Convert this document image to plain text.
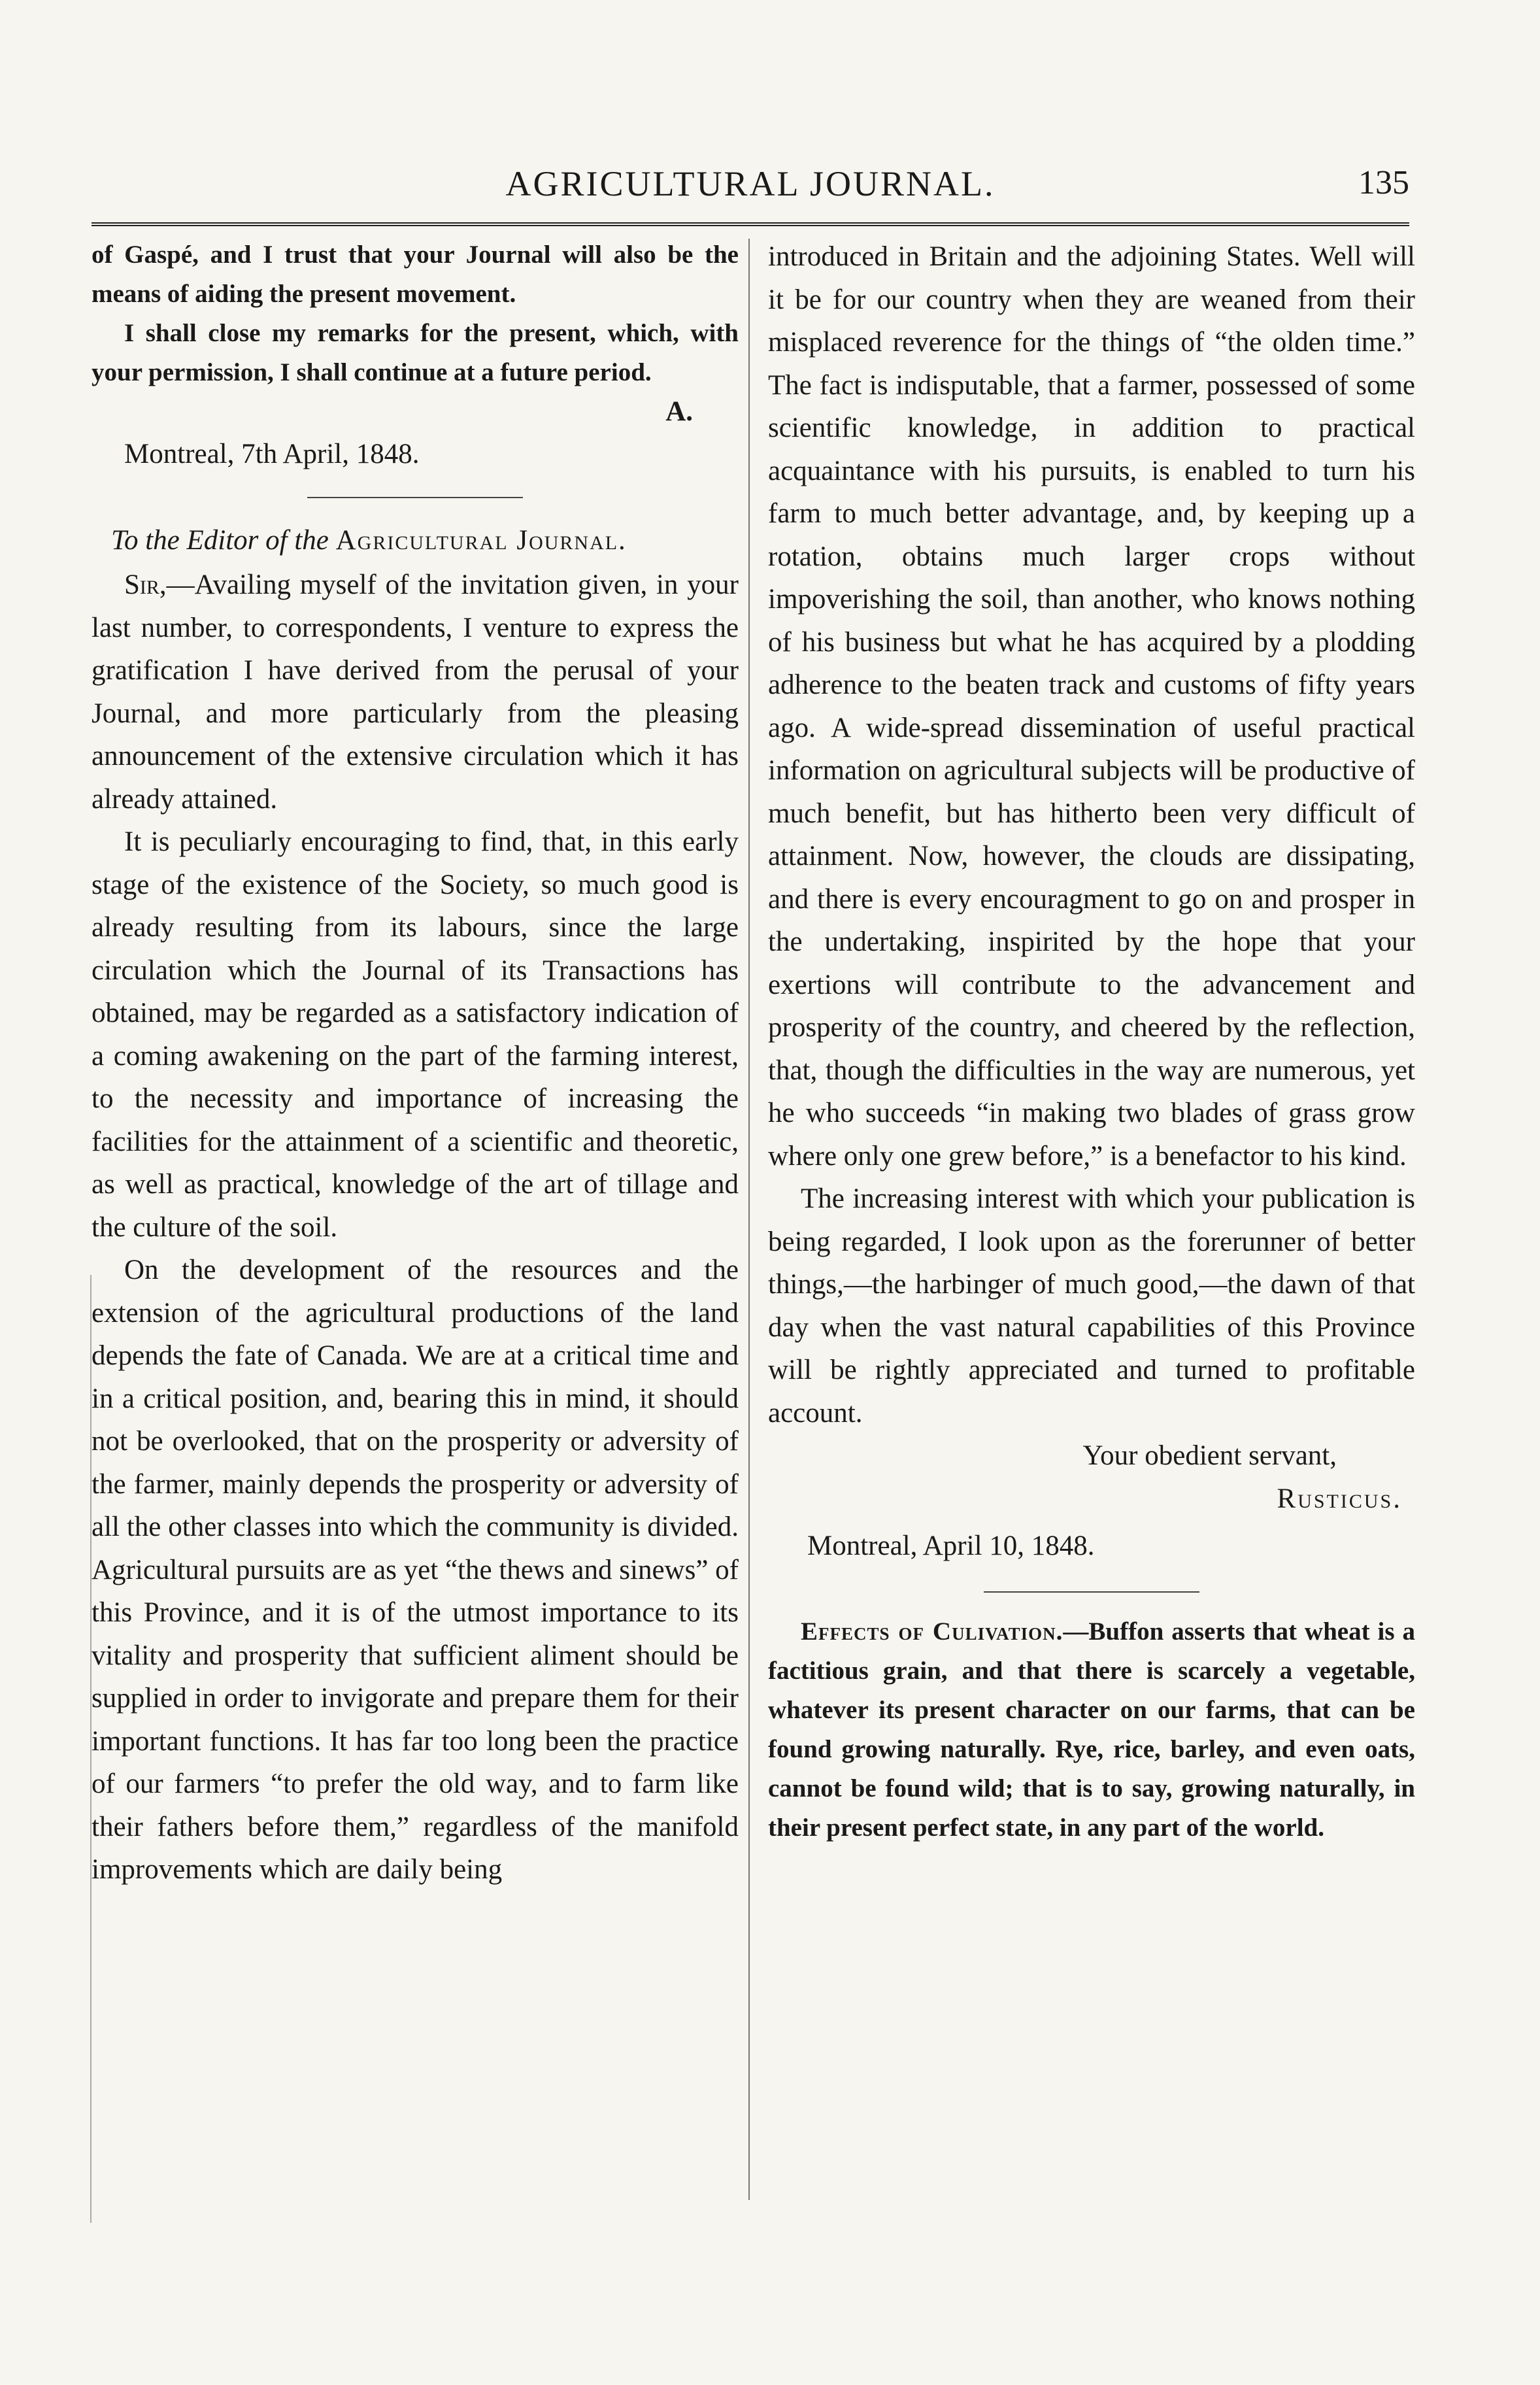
AGRICULTURAL JOURNAL.	135

of Gaspé, and I trust that your Journal will also be the means of aiding the present movement.

I shall close my remarks for the present, which, with your permission, I shall continue at a future period.

A.
Montreal, 7th April, 1848.

To the Editor of the Agricultural Journal.

Sir,—Availing myself of the invitation given, in your last number, to correspondents, I venture to express the gratification I have derived from the perusal of your Journal, and more particularly from the pleasing announcement of the extensive circulation which it has already attained.

It is peculiarly encouraging to find, that, in this early stage of the existence of the Society, so much good is already resulting from its labours, since the large circulation which the Journal of its Transactions has obtained, may be regarded as a satisfactory indication of a coming awakening on the part of the farming interest, to the necessity and importance of increasing the facilities for the attainment of a scientific and theoretic, as well as practical, knowledge of the art of tillage and the culture of the soil.

On the development of the resources and the extension of the agricultural productions of the land depends the fate of Canada. We are at a critical time and in a critical position, and, bearing this in mind, it should not be overlooked, that on the prosperity or adversity of the farmer, mainly depends the prosperity or adversity of all the other classes into which the community is divided. Agricultural pursuits are as yet “the thews and sinews” of this Province, and it is of the utmost importance to its vitality and prosperity that sufficient aliment should be supplied in order to invigorate and prepare them for their important functions. It has far too long been the practice of our farmers “to prefer the old way, and to farm like their fathers before them,” regardless of the manifold improvements which are daily being

introduced in Britain and the adjoining States. Well will it be for our country when they are weaned from their misplaced reverence for the things of “the olden time.” The fact is indisputable, that a farmer, possessed of some scientific knowledge, in addition to practical acquaintance with his pursuits, is enabled to turn his farm to much better advantage, and, by keeping up a rotation, obtains much larger crops without impoverishing the soil, than another, who knows nothing of his business but what he has acquired by a plodding adherence to the beaten track and customs of fifty years ago. A wide-spread dissemination of useful practical information on agricultural subjects will be productive of much benefit, but has hitherto been very difficult of attainment. Now, however, the clouds are dissipating, and there is every encouragment to go on and prosper in the undertaking, inspirited by the hope that your exertions will contribute to the advancement and prosperity of the country, and cheered by the reflection, that, though the difficulties in the way are numerous, yet he who succeeds “in making two blades of grass grow where only one grew before,” is a benefactor to his kind.

The increasing interest with which your publication is being regarded, I look upon as the forerunner of better things,—the harbinger of much good,—the dawn of that day when the vast natural capabilities of this Province will be rightly appreciated and turned to profitable account.

Your obedient servant,
Rusticus.
Montreal, April 10, 1848.

Effects of Culivation.—Buffon asserts that wheat is a factitious grain, and that there is scarcely a vegetable, whatever its present character on our farms, that can be found growing naturally. Rye, rice, barley, and even oats, cannot be found wild; that is to say, growing naturally, in their present perfect state, in any part of the world.
